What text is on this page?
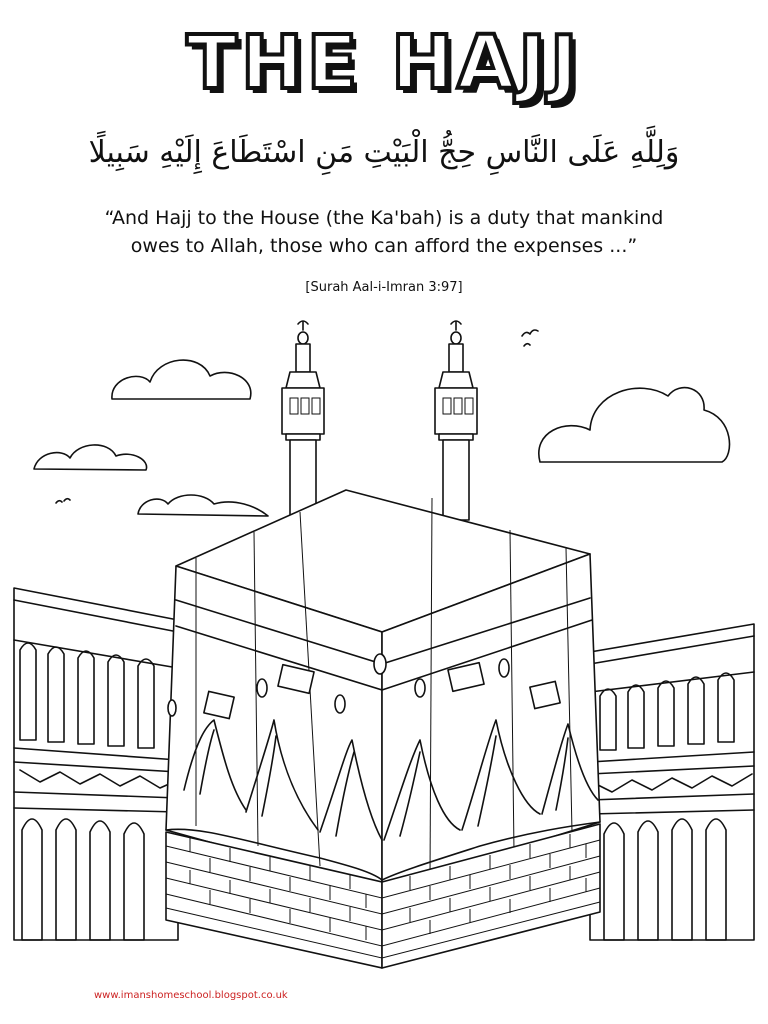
THE HAJJ
وَلِلَّهِ عَلَى النَّاسِ حِجُّ الْبَيْتِ مَنِ اسْتَطَاعَ إِلَيْهِ سَبِيلًا
“And Hajj to the House (the Ka'bah) is a duty that mankind
owes to Allah, those who can afford the expenses ...”
[Surah Aal-i-Imran 3:97]
www.imanshomeschool.blogspot.co.uk
